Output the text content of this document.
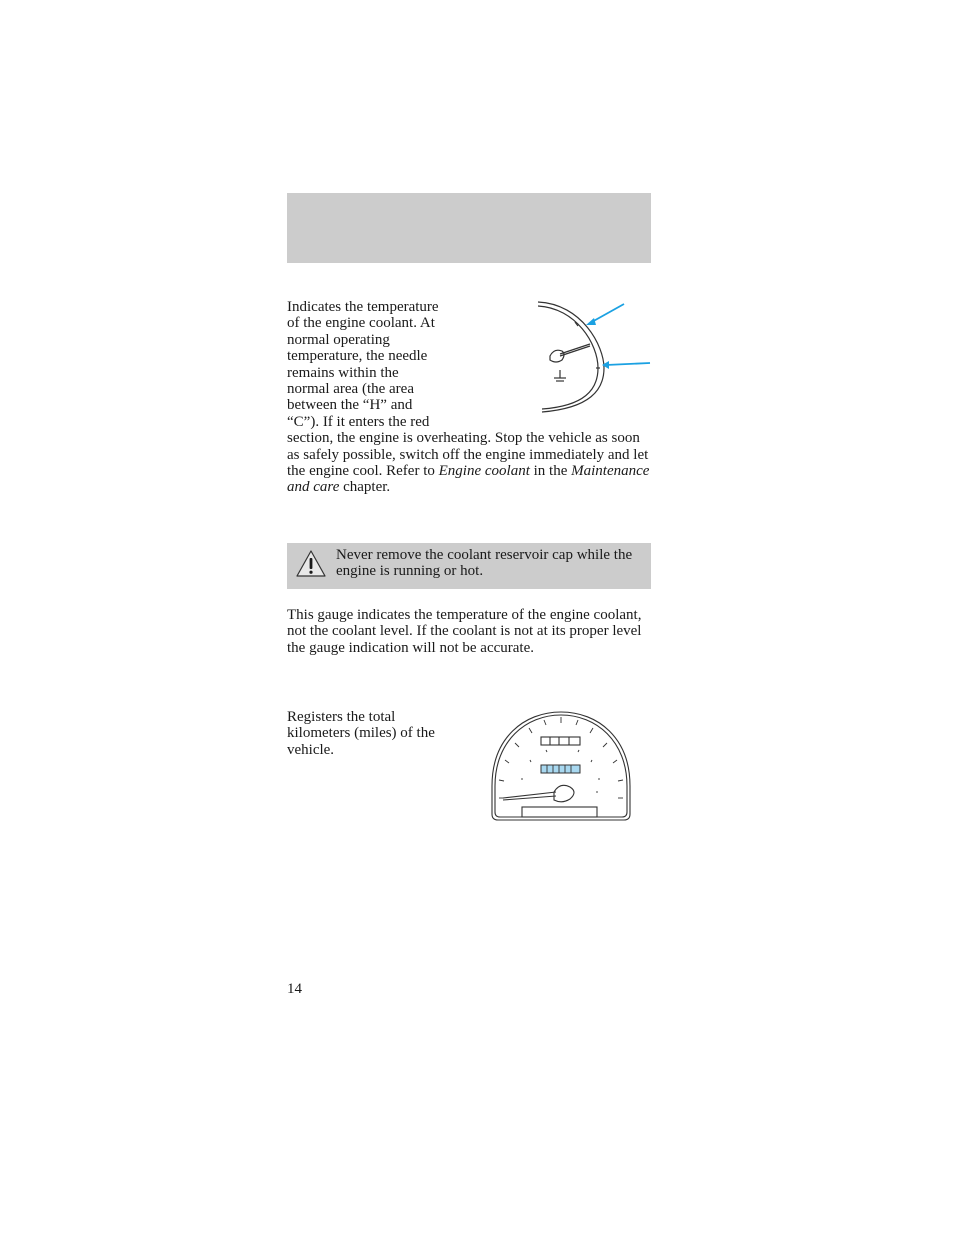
Indicates the temperature of the engine coolant. At normal operating temperature, the needle remains within the normal area (the area between the “H” and “C”). If it enters the red section, the engine is overheating. Stop the vehicle as soon as safely possible, switch off the engine immediately and let the engine cool. Refer to Engine coolant in the Maintenance and care chapter.

Never remove the coolant reservoir cap while the engine is running or hot.

This gauge indicates the temperature of the engine coolant, not the coolant level. If the coolant is not at its proper level the gauge indication will not be accurate.

Registers the total kilometers (miles) of the vehicle.

14
